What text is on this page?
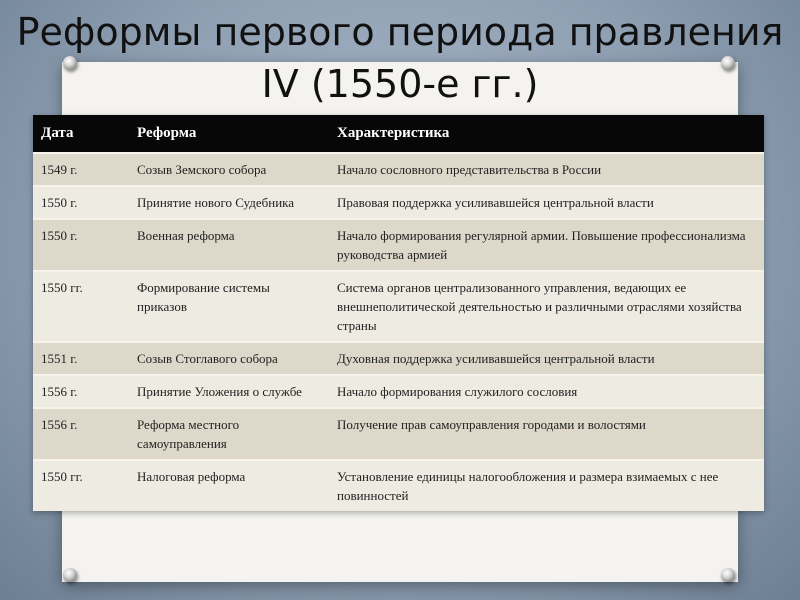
Реформы первого периода правления IV (1550-е гг.)
Дата	Реформа	Характеристика
1549 г.	Созыв Земского собора	Начало сословного представительства в России
1550 г.	Принятие нового Судебника	Правовая поддержка усиливавшейся центральной власти
1550 г.	Военная реформа	Начало формирования регулярной армии. Повышение профессионализма руководства армией
1550 гг.	Формирование системы приказов	Система органов централизованного управления, ведающих ее внешнеполитической деятельностью и различными отраслями хозяйства страны
1551 г.	Созыв Стоглавого собора	Духовная поддержка усиливавшейся центральной власти
1556 г.	Принятие Уложения о службе	Начало формирования служилого сословия
1556 г.	Реформа местного самоуправления	Получение прав самоуправления городами и волостями
1550 гг.	Налоговая реформа	Установление единицы налогообложения и размера взимаемых с нее повинностей
